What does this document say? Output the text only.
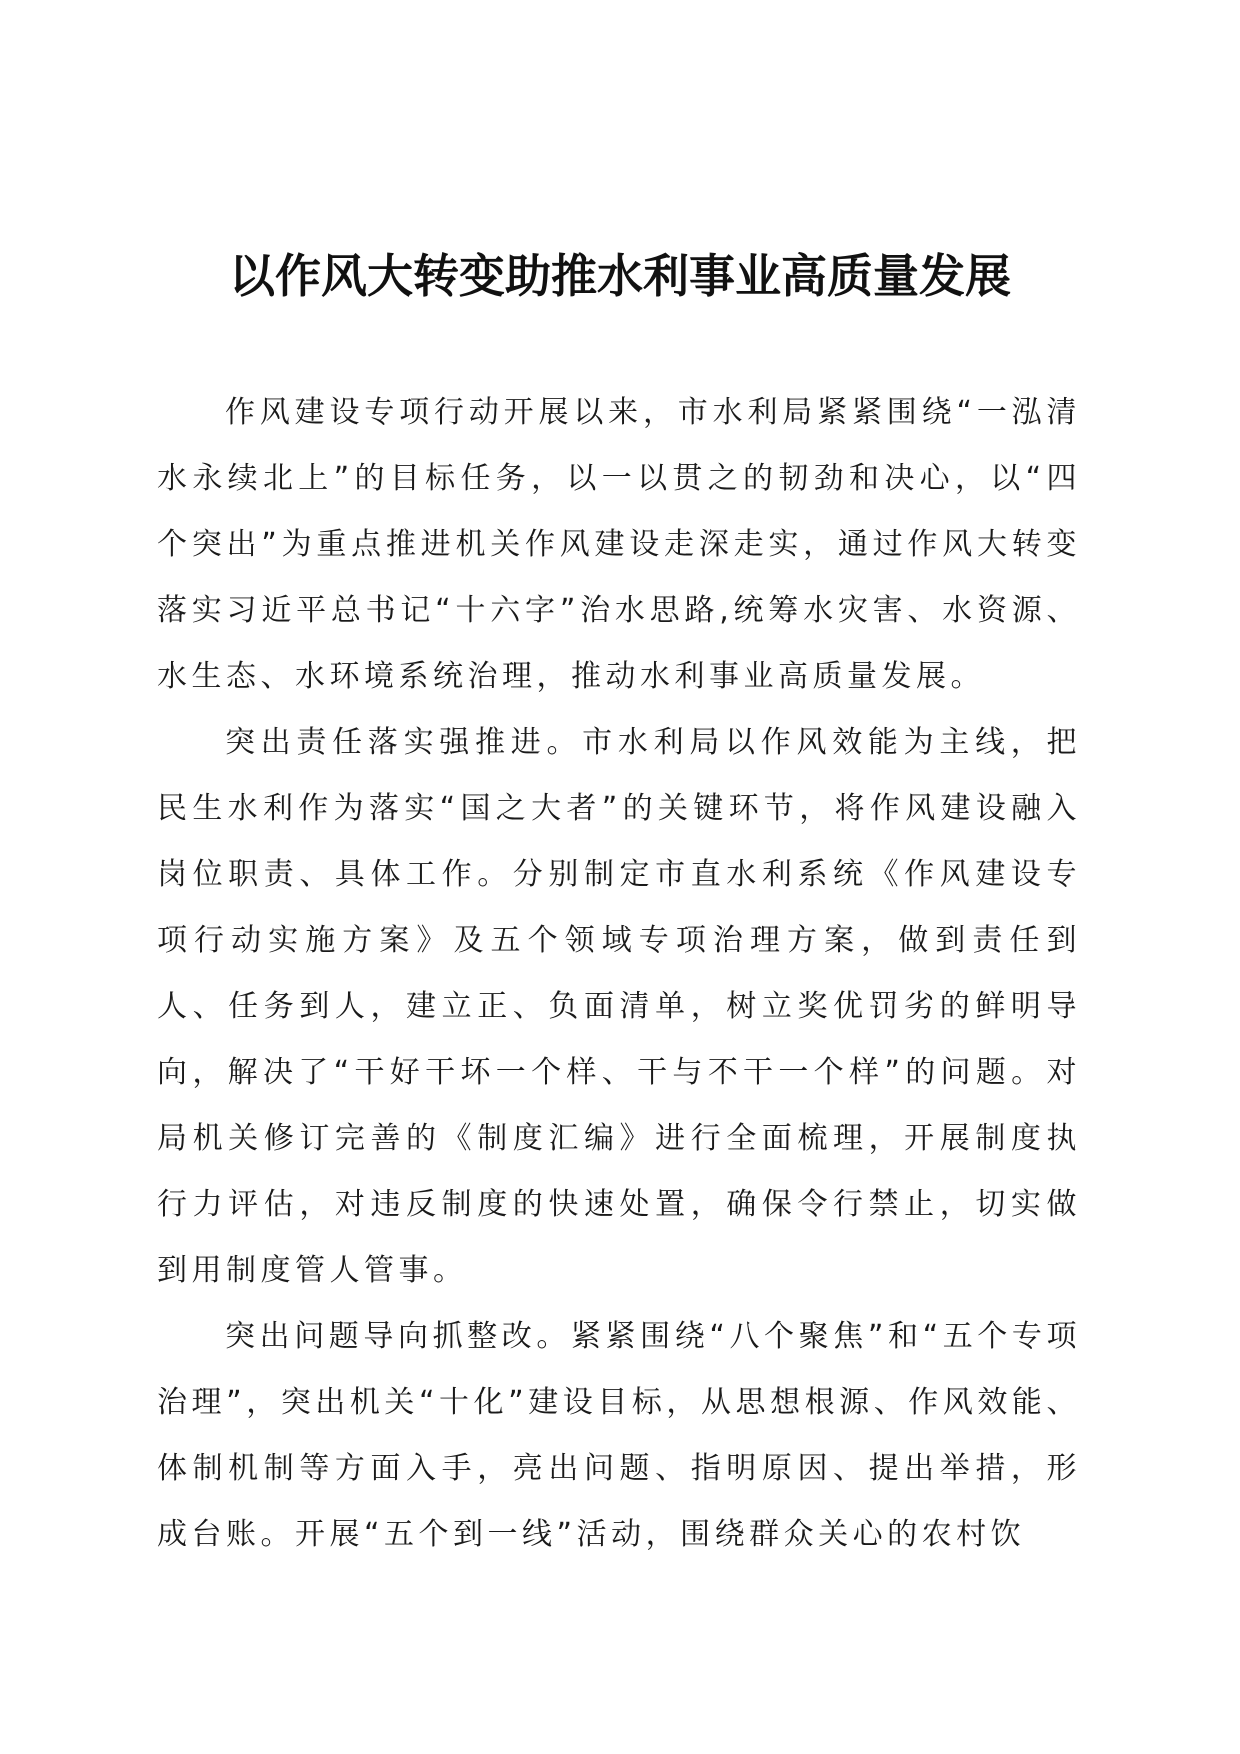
以作风大转变助推水利事业高质量发展

作风建设专项行动开展以来，市水利局紧紧围绕“一泓清水永续北上”的目标任务，以一以贯之的韧劲和决心，以“四个突出”为重点推进机关作风建设走深走实，通过作风大转变落实习近平总书记“十六字”治水思路,统筹水灾害、水资源、水生态、水环境系统治理，推动水利事业高质量发展。

突出责任落实强推进。市水利局以作风效能为主线，把民生水利作为落实“国之大者”的关键环节，将作风建设融入岗位职责、具体工作。分别制定市直水利系统《作风建设专项行动实施方案》及五个领域专项治理方案，做到责任到人、任务到人，建立正、负面清单，树立奖优罚劣的鲜明导向，解决了“干好干坏一个样、干与不干一个样”的问题。对局机关修订完善的《制度汇编》进行全面梳理，开展制度执行力评估，对违反制度的快速处置，确保令行禁止，切实做到用制度管人管事。

突出问题导向抓整改。紧紧围绕“八个聚焦”和“五个专项治理”，突出机关“十化”建设目标，从思想根源、作风效能、体制机制等方面入手，亮出问题、指明原因、提出举措，形成台账。开展“五个到一线”活动，围绕群众关心的农村饮
